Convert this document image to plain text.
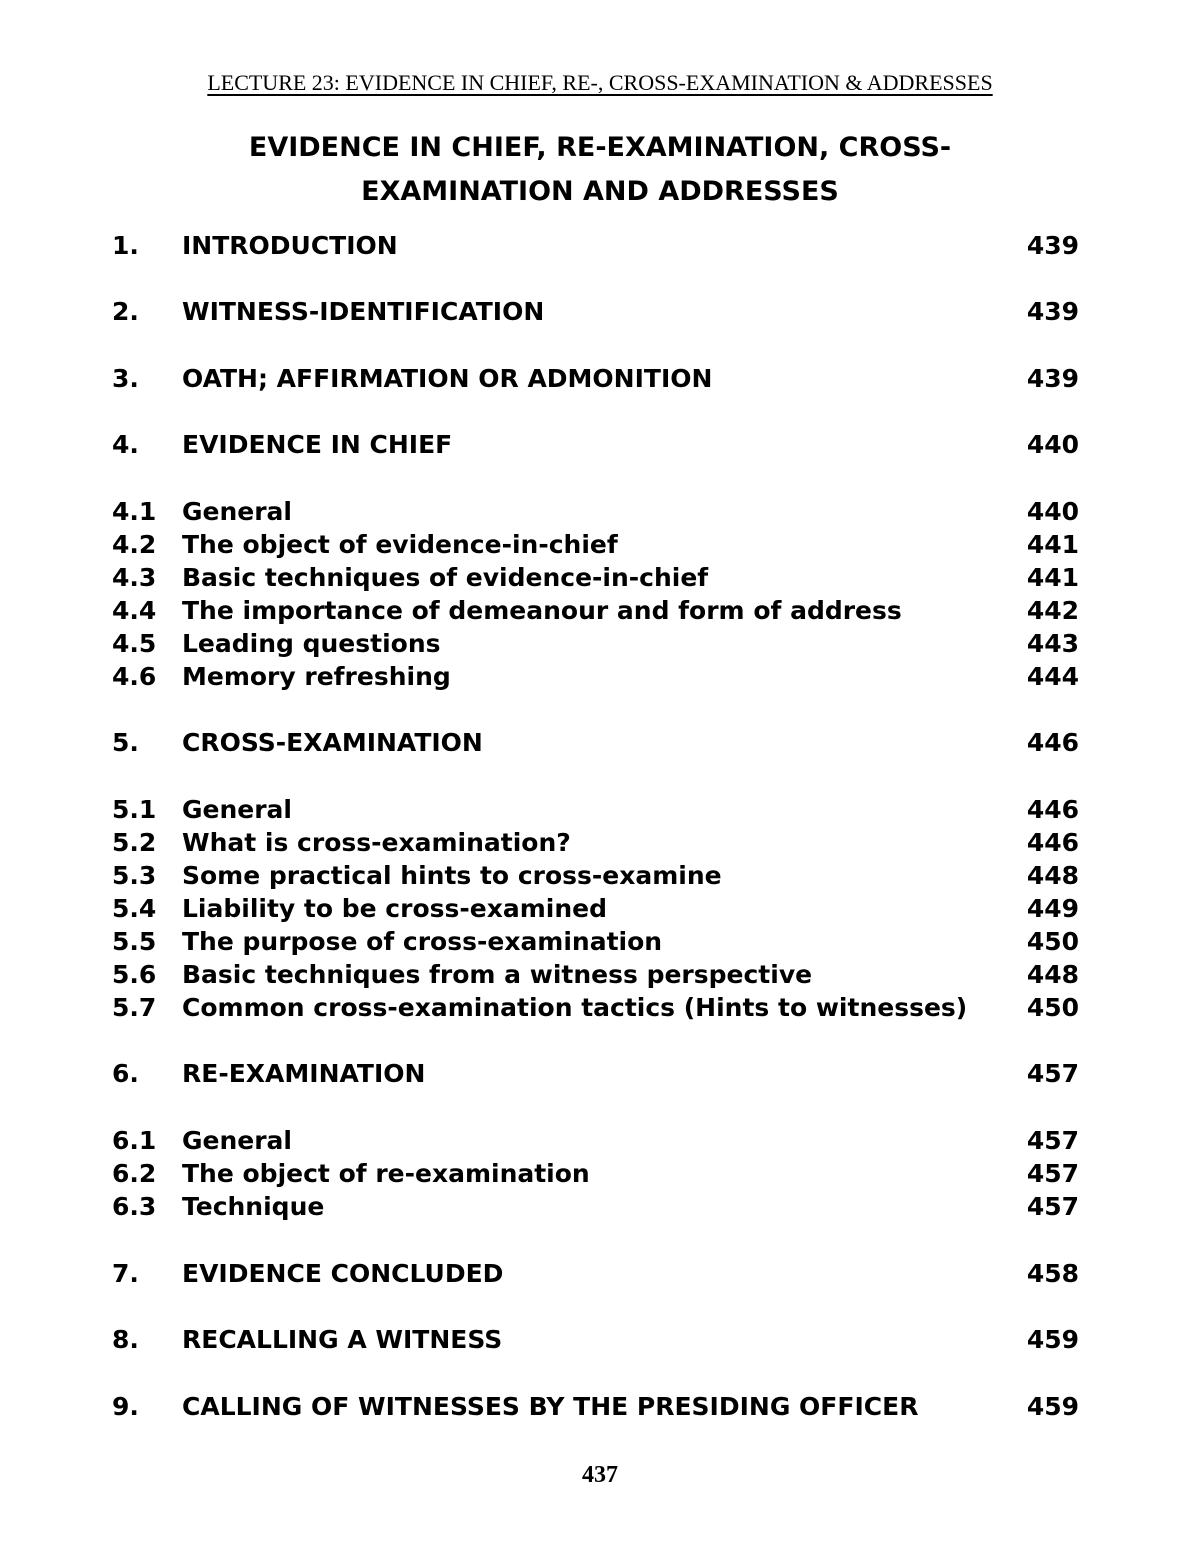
LECTURE 23: EVIDENCE IN CHIEF, RE-, CROSS-EXAMINATION & ADDRESSES
EVIDENCE IN CHIEF, RE-EXAMINATION, CROSS-
EXAMINATION AND ADDRESSES
1. INTRODUCTION	439
2. WITNESS-IDENTIFICATION	439
3. OATH; AFFIRMATION OR ADMONITION	439
4. EVIDENCE IN CHIEF	440
4.1 General	440
4.2 The object of evidence-in-chief	441
4.3 Basic techniques of evidence-in-chief	441
4.4 The importance of demeanour and form of address	442
4.5 Leading questions	443
4.6 Memory refreshing	444
5. CROSS-EXAMINATION	446
5.1 General	446
5.2 What is cross-examination?	446
5.3 Some practical hints to cross-examine	448
5.4 Liability to be cross-examined	449
5.5 The purpose of cross-examination	450
5.6 Basic techniques from a witness perspective	448
5.7 Common cross-examination tactics (Hints to witnesses) 450
6. RE-EXAMINATION	457
6.1 General	457
6.2 The object of re-examination	457
6.3 Technique	457
7. EVIDENCE CONCLUDED	458
8. RECALLING A WITNESS	459
9. CALLING OF WITNESSES BY THE PRESIDING OFFICER	459
437
